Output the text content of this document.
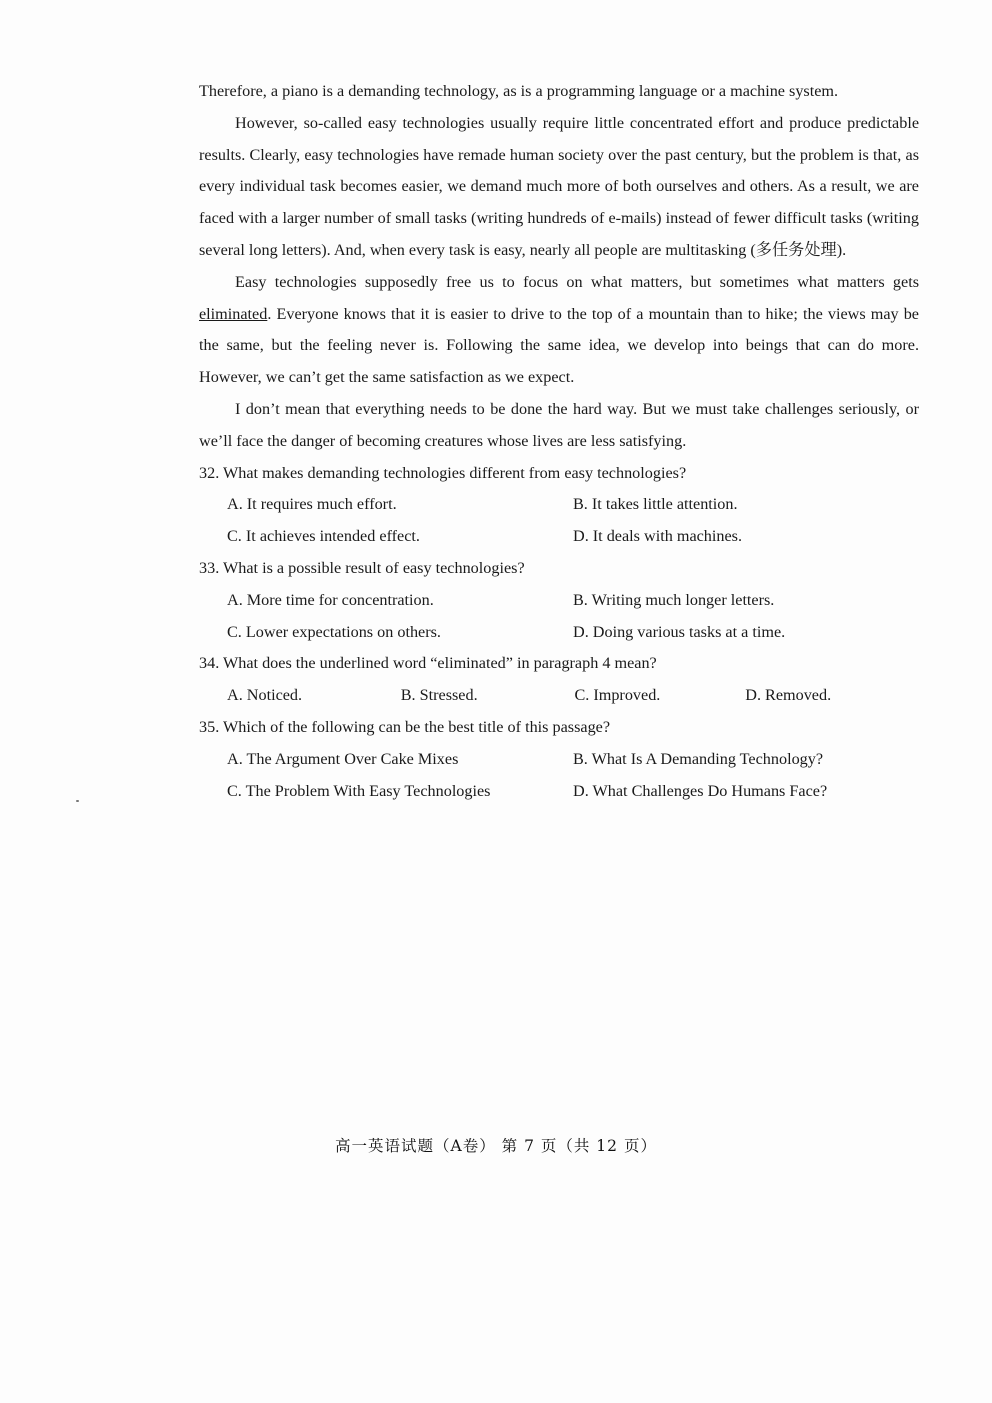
Therefore, a piano is a demanding technology, as is a programming language or a machine system.

However, so-called easy technologies usually require little concentrated effort and produce predictable results. Clearly, easy technologies have remade human society over the past century, but the problem is that, as every individual task becomes easier, we demand much more of both ourselves and others. As a result, we are faced with a larger number of small tasks (writing hundreds of e-mails) instead of fewer difficult tasks (writing several long letters). And, when every task is easy, nearly all people are multitasking (多任务处理).

Easy technologies supposedly free us to focus on what matters, but sometimes what matters gets eliminated. Everyone knows that it is easier to drive to the top of a mountain than to hike; the views may be the same, but the feeling never is. Following the same idea, we develop into beings that can do more. However, we can’t get the same satisfaction as we expect.

I don’t mean that everything needs to be done the hard way. But we must take challenges seriously, or we’ll face the danger of becoming creatures whose lives are less satisfying.

32. What makes demanding technologies different from easy technologies?

A. It requires much effort.	B. It takes little attention.
C. It achieves intended effect.	D. It deals with machines.

33. What is a possible result of easy technologies?

A. More time for concentration.	B. Writing much longer letters.
C. Lower expectations on others.	D. Doing various tasks at a time.

34. What does the underlined word “eliminated” in paragraph 4 mean?

A. Noticed.	B. Stressed.	C. Improved.	D. Removed.

35. Which of the following can be the best title of this passage?

A. The Argument Over Cake Mixes	B. What Is A Demanding Technology?
C. The Problem With Easy Technologies	D. What Challenges Do Humans Face?
高一英语试题（A卷） 第 7 页（共 12 页）
